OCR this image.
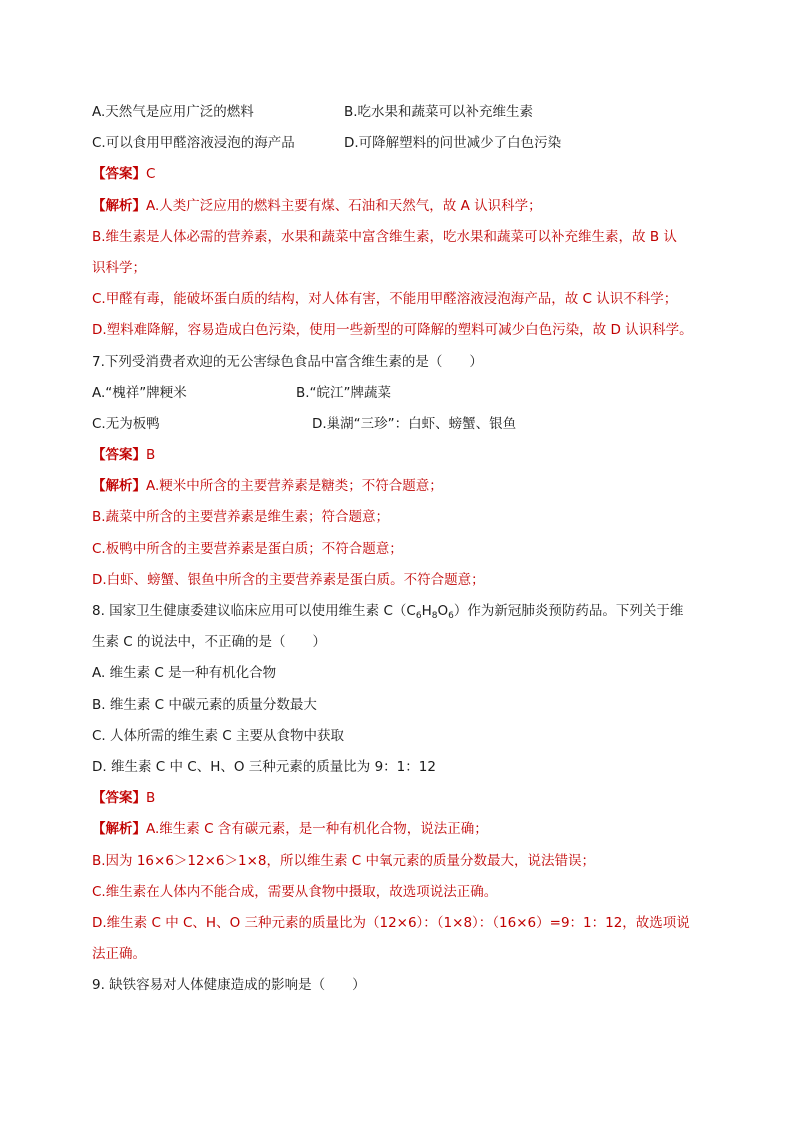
A.天然气是应用广泛的燃料	B.吃水果和蔬菜可以补充维生素
C.可以食用甲醛溶液浸泡的海产品	D.可降解塑料的问世减少了白色污染
【答案】C
【解析】A.人类广泛应用的燃料主要有煤、石油和天然气，故 A 认识科学；
B.维生素是人体必需的营养素，水果和蔬菜中富含维生素，吃水果和蔬菜可以补充维生素，故 B 认
识科学；
C.甲醛有毒，能破坏蛋白质的结构，对人体有害，不能用甲醛溶液浸泡海产品，故 C 认识不科学；
D.塑料难降解，容易造成白色污染，使用一些新型的可降解的塑料可减少白色污染，故 D 认识科学。
7.下列受消费者欢迎的无公害绿色食品中富含维生素的是（　　）
A.“槐祥”牌粳米	B.“皖江”牌蔬菜
C.无为板鸭	D.巢湖“三珍”：白虾、螃蟹、银鱼
【答案】B
【解析】A.粳米中所含的主要营养素是糖类；不符合题意；
B.蔬菜中所含的主要营养素是维生素；符合题意；
C.板鸭中所含的主要营养素是蛋白质；不符合题意；
D.白虾、螃蟹、银鱼中所含的主要营养素是蛋白质。不符合题意；
8. 国家卫生健康委建议临床应用可以使用维生素 $C(C_6H_8O_6)$作为新冠肺炎预防药品。下列关于维
生素 C 的说法中，不正确的是（　　）
A. 维生素 C 是一种有机化合物
B. 维生素 C 中碳元素的质量分数最大
C. 人体所需的维生素 C 主要从食物中获取
D. 维生素 C 中 C、H、O 三种元素的质量比为 9：1：12
【答案】B
【解析】A.维生素 C 含有碳元素，是一种有机化合物，说法正确；
B.因为 16×6＞12×6＞1×8，所以维生素 C 中氧元素的质量分数最大，说法错误；
C.维生素在人体内不能合成，需要从食物中摄取，故选项说法正确。
D.维生素 C 中 C、H、O 三种元素的质量比为（12×6）：（1×8）：（16×6）=9：1：12，故选项说
法正确。
9. 缺铁容易对人体健康造成的影响是（　　）
